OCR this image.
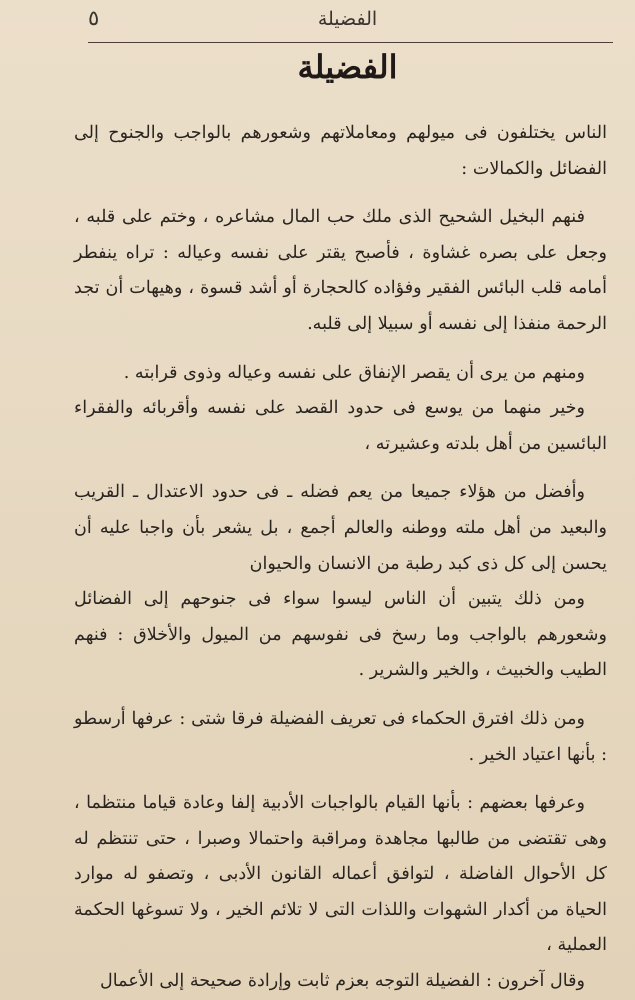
الفضيلة
٥
الفضيلة

الناس يختلفون فى ميولهم ومعاملاتهم وشعورهم بالواجب والجنوح إلى الفضائل والكمالات :

فنهم البخيل الشحيح الذى ملك حب المال مشاعره ، وختم على قلبه ، وجعل على بصره غشاوة ، فأصبح يقتر على نفسه وعياله : تراه ينفطر أمامه قلب البائس الفقير وفؤاده كالحجارة أو أشد قسوة ، وهيهات أن تجد الرحمة منفذا إلى نفسه أو سبيلا إلى قلبه.

ومنهم من يرى أن يقصر الإنفاق على نفسه وعياله وذوى قرابته .

وخير منهما من يوسع فى حدود القصد على نفسه وأقربائه والفقراء البائسين من أهل بلدته وعشيرته ،

وأفضل من هؤلاء جميعا من يعم فضله ـ فى حدود الاعتدال ـ القريب والبعيد من أهل ملته ووطنه والعالم أجمع ، بل يشعر بأن واجبا عليه أن يحسن إلى كل ذى كبد رطبة من الانسان والحيوان

ومن ذلك يتبين أن الناس ليسوا سواء فى جنوحهم إلى الفضائل وشعورهم بالواجب وما رسخ فى نفوسهم من الميول والأخلاق : فنهم الطيب والخبيث ، والخير والشرير .

ومن ذلك افترق الحكماء فى تعريف الفضيلة فرقا شتى : عرفها أرسطو : بأنها اعتياد الخير .

وعرفها بعضهم : بأنها القيام بالواجبات الأدبية إلفا وعادة قياما منتظما ، وهى تقتضى من طالبها مجاهدة ومراقبة واحتمالا وصبرا ، حتى تنتظم له كل الأحوال الفاضلة ، لتوافق أعماله القانون الأدبى ، وتصفو له موارد الحياة من أكدار الشهوات واللذات التى لا تلائم الخير ، ولا تسوغها الحكمة العملية ،

وقال آخرون : الفضيلة التوجه بعزم ثابت وإرادة صحيحة إلى الأعمال
